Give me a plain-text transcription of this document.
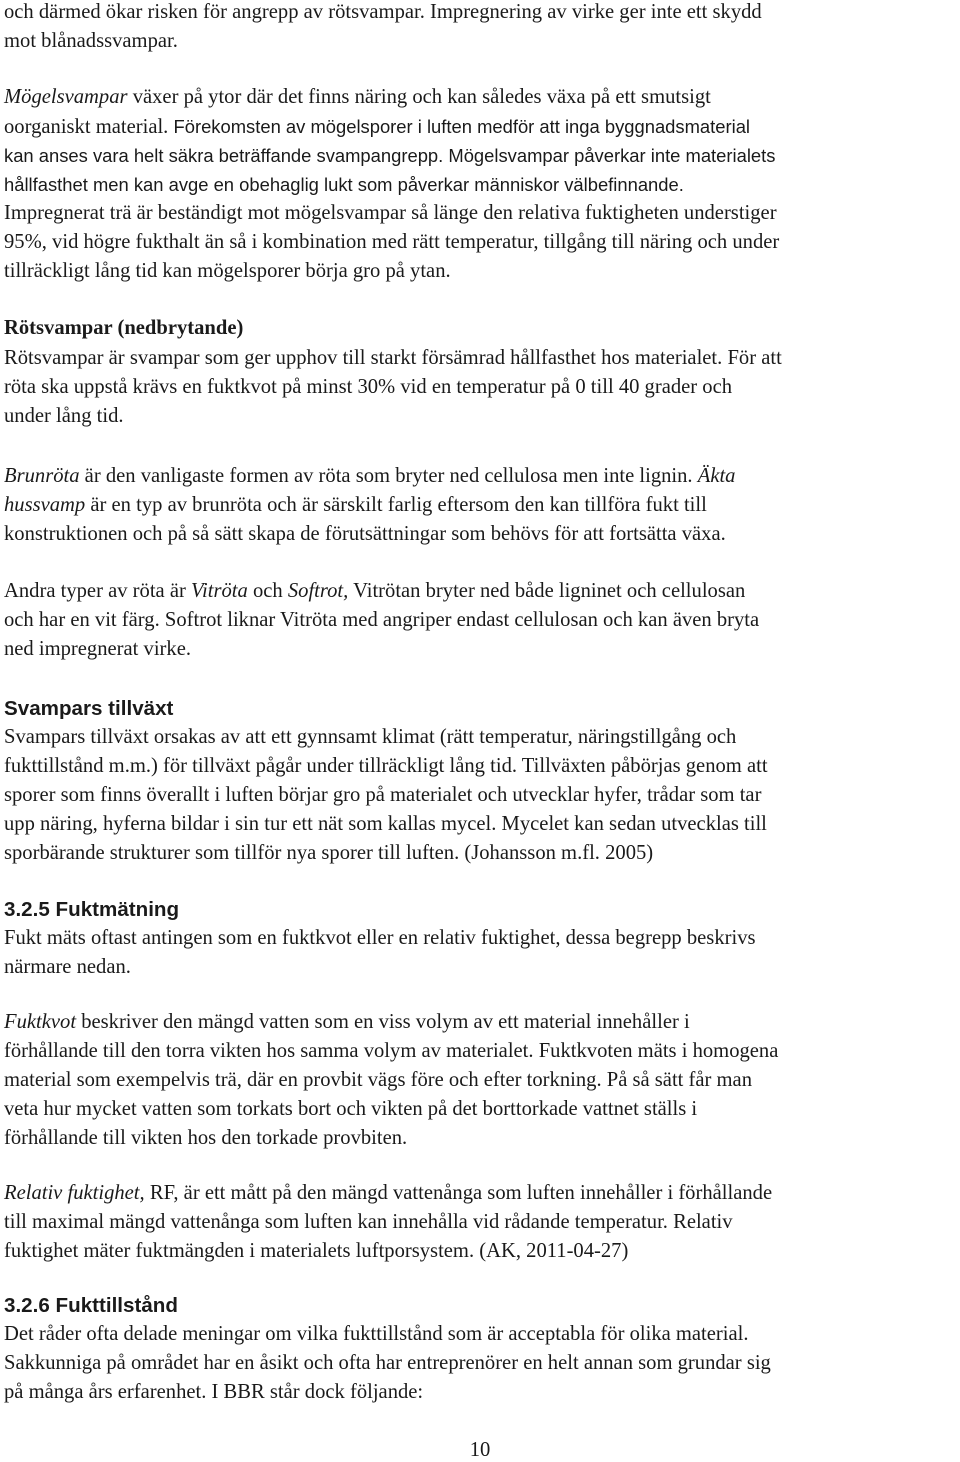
och därmed ökar risken för angrepp av rötsvampar. Impregnering av virke ger inte ett skydd
mot blånadssvampar.
Mögelsvampar växer på ytor där det finns näring och kan således växa på ett smutsigt
oorganiskt material. Förekomsten av mögelsporer i luften medför att inga byggnadsmaterial
kan anses vara helt säkra beträffande svampangrepp. Mögelsvampar påverkar inte materialets
hållfasthet men kan avge en obehaglig lukt som påverkar människor välbefinnande.
Impregnerat trä är beständigt mot mögelsvampar så länge den relativa fuktigheten understiger
95%, vid högre fukthalt än så i kombination med rätt temperatur, tillgång till näring och under
tillräckligt lång tid kan mögelsporer börja gro på ytan.
Rötsvampar (nedbrytande)
Rötsvampar är svampar som ger upphov till starkt försämrad hållfasthet hos materialet. För att
röta ska uppstå krävs en fuktkvot på minst 30% vid en temperatur på 0 till 40 grader och
under lång tid.
Brunröta är den vanligaste formen av röta som bryter ned cellulosa men inte lignin. Äkta
hussvamp är en typ av brunröta och är särskilt farlig eftersom den kan tillföra fukt till
konstruktionen och på så sätt skapa de förutsättningar som behövs för att fortsätta växa.
Andra typer av röta är Vitröta och Softrot, Vitrötan bryter ned både ligninet och cellulosan
och har en vit färg. Softrot liknar Vitröta med angriper endast cellulosan och kan även bryta
ned impregnerat virke.
Svampars tillväxt
Svampars tillväxt orsakas av att ett gynnsamt klimat (rätt temperatur, näringstillgång och
fukttillstånd m.m.) för tillväxt pågår under tillräckligt lång tid. Tillväxten påbörjas genom att
sporer som finns överallt i luften börjar gro på materialet och utvecklar hyfer, trådar som tar
upp näring, hyferna bildar i sin tur ett nät som kallas mycel. Mycelet kan sedan utvecklas till
sporbärande strukturer som tillför nya sporer till luften. (Johansson m.fl. 2005)
3.2.5 Fuktmätning
Fukt mäts oftast antingen som en fuktkvot eller en relativ fuktighet, dessa begrepp beskrivs
närmare nedan.
Fuktkvot beskriver den mängd vatten som en viss volym av ett material innehåller i
förhållande till den torra vikten hos samma volym av materialet. Fuktkvoten mäts i homogena
material som exempelvis trä, där en provbit vägs före och efter torkning. På så sätt får man
veta hur mycket vatten som torkats bort och vikten på det borttorkade vattnet ställs i
förhållande till vikten hos den torkade provbiten.
Relativ fuktighet, RF, är ett mått på den mängd vattenånga som luften innehåller i förhållande
till maximal mängd vattenånga som luften kan innehålla vid rådande temperatur. Relativ
fuktighet mäter fuktmängden i materialets luftporsystem. (AK, 2011-04-27)
3.2.6 Fukttillstånd
Det råder ofta delade meningar om vilka fukttillstånd som är acceptabla för olika material.
Sakkunniga på området har en åsikt och ofta har entreprenörer en helt annan som grundar sig
på många års erfarenhet. I BBR står dock följande:
10
